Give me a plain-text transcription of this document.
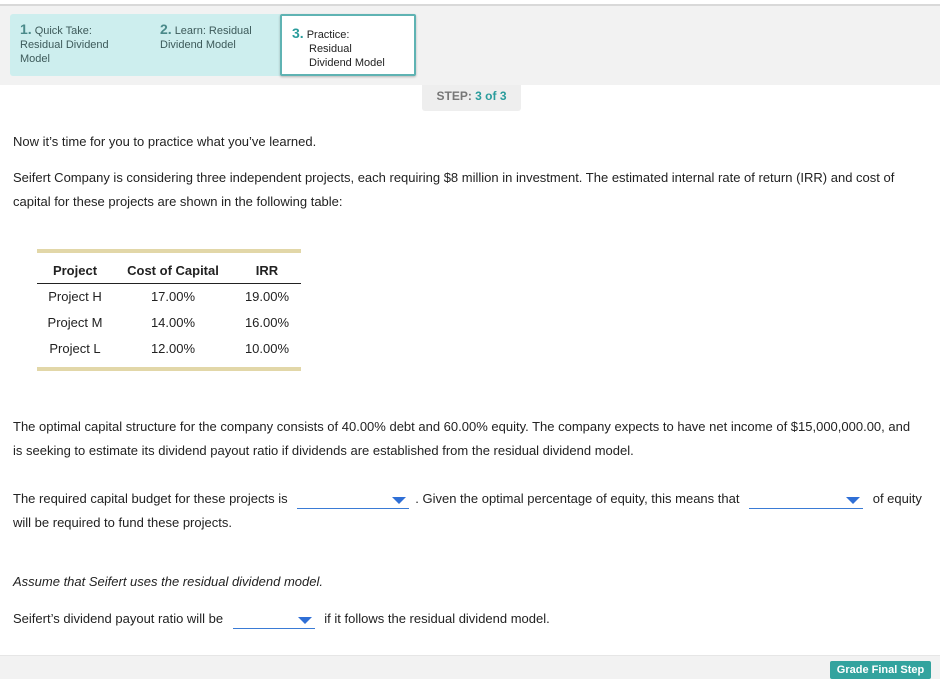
1. Quick Take:
Residual Dividend
Model
2. Learn: Residual
Dividend Model
3. Practice:
Residual
Dividend Model
STEP: 3 of 3

Now it’s time for you to practice what you’ve learned.

Seifert Company is considering three independent projects, each requiring $8 million in investment. The estimated internal rate of return (IRR) and cost of capital for these projects are shown in the following table:

Project	Cost of Capital	IRR
Project H	17.00%	19.00%
Project M	14.00%	16.00%
Project L	12.00%	10.00%

The optimal capital structure for the company consists of 40.00% debt and 60.00% equity. The company expects to have net income of $15,000,000.00, and is seeking to estimate its dividend payout ratio if dividends are established from the residual dividend model.

The required capital budget for these projects is	. Given the optimal percentage of equity, this means that	of equity will be required to fund these projects.

Assume that Seifert uses the residual dividend model.

Seifert’s dividend payout ratio will be	if it follows the residual dividend model.

Grade Final Step
